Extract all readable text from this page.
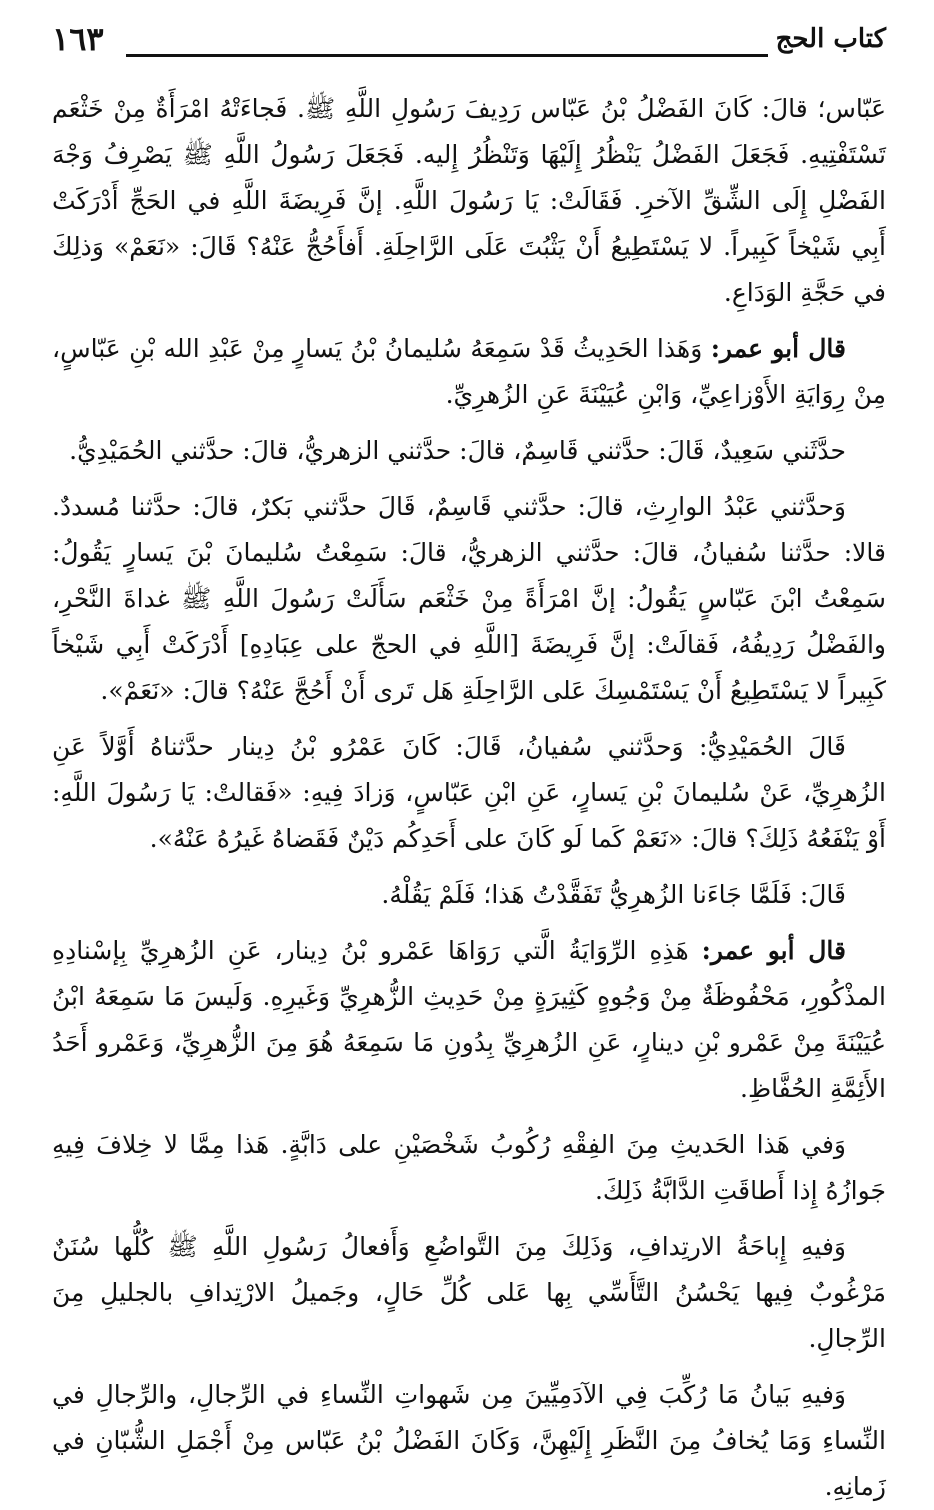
كتاب الحج
١٦٣

عَبّاس؛ قالَ: كَانَ الفَضْلُ بْنُ عَبّاس رَدِيفَ رَسُولِ اللَّهِ ﷺ. فَجاءَتْهُ امْرَأَةٌ مِنْ خَثْعَم تَسْتَفْتِيهِ. فَجَعَلَ الفَضْلُ يَنْظُرُ إِلَيْهَا وَتَنْظُرُ إِليه. فَجَعَلَ رَسُولُ اللَّهِ ﷺ يَصْرِفُ وَجْهَ الفَضْلِ إِلَى الشِّقِّ الآخرِ. فَقَالَتْ: يَا رَسُولَ اللَّهِ. إنَّ فَرِيضَةَ اللَّهِ في الحَجِّ أَدْرَكَتْ أَبِي شَيْخاً كَبِيراً. لا يَسْتَطِيعُ أَنْ يَثْبُتَ عَلَى الرَّاحِلَةِ. أَفأَحُجُّ عَنْهُ؟ قَالَ: «نَعَمْ» وَذلِكَ في حَجَّةِ الوَدَاعِ.

قال أبو عمر: وَهَذا الحَدِيثُ قَدْ سَمِعَهُ سُليمانُ بْنُ يَسارٍ مِنْ عَبْدِ الله بْنِ عَبّاسٍ، مِنْ رِوَايَةِ الأَوْزاعِيِّ، وَابْنِ عُيَيْنَةَ عَنِ الزُهرِيِّ.

حدَّثَني سَعِيدٌ، قَالَ: حدَّثني قَاسِمٌ، قالَ: حدَّثني الزهريُّ، قالَ: حدَّثني الحُمَيْدِيُّ.

وَحدَّثني عَبْدُ الوارِثِ، قالَ: حدَّثني قَاسِمٌ، قَالَ حدَّثني بَكرٌ، قالَ: حدَّثنا مُسددٌ. قالا: حدَّثنا سُفيانُ، قالَ: حدَّثني الزهريُّ، قالَ: سَمِعْتُ سُليمانَ بْنَ يَسارٍ يَقُولُ: سَمِعْتُ ابْنَ عَبّاسٍ يَقُولُ: إنَّ امْرَأَةً مِنْ خَثْعَم سَأَلَتْ رَسُولَ اللَّهِ ﷺ غداةَ النَّحْرِ، والفَضْلُ رَدِيفُهُ، فَقالَتْ: إنَّ فَرِيضَةَ [اللَّهِ في الحجّ على عِبَادِهِ] أَدْرَكَتْ أَبِي شَيْخاً كَبِيراً لا يَسْتَطِيعُ أَنْ يَسْتَمْسِكَ عَلى الرَّاحِلَةِ هَل تَرى أَنْ أَحُجَّ عَنْهُ؟ قالَ: «نَعَمْ».

قَالَ الحُمَيْدِيُّ: وَحدَّثني سُفيانُ، قَالَ: كَانَ عَمْرُو بْنُ دِينار حدَّثناهُ أَوَّلاً عَنِ الزُهرِيِّ، عَنْ سُليمانَ بْنِ يَسارٍ، عَنِ ابْنِ عَبّاسٍ، وَزادَ فِيهِ: «فَقالتْ: يَا رَسُولَ اللَّهِ: أَوْ يَنْفَعُهُ ذَلِكَ؟ قالَ: «نَعَمْ كَما لَو كَانَ على أَحَدِكُم دَيْنٌ فَقَضاهُ غَيرُهُ عَنْهُ».

قَالَ: فَلَمَّا جَاءَنا الزُهرِيُّ تَفَقَّدْتُ هَذا؛ فَلَمْ يَقُلْهُ.

قال أبو عمر: هَذِهِ الرِّوَايَةُ الَّتي رَوَاهَا عَمْرو بْنُ دِينار، عَنِ الزُهرِيِّ بِإسْنادِهِ المذْكُورِ، مَحْفُوظَةٌ مِنْ وَجُوهٍ كَثِيرَةٍ مِنْ حَدِيثِ الزُّهرِيِّ وَغَيرِهِ. وَلَيسَ مَا سَمِعَهُ ابْنُ عُيَيْنَةَ مِنْ عَمْرو بْنِ دينارٍ، عَنِ الزُهرِيِّ بِدُونِ مَا سَمِعَهُ هُوَ مِنَ الزُّهرِيِّ، وَعَمْرو أَحَدُ الأَئِمَّةِ الحُفَّاظِ.

وَفي هَذا الحَديثِ مِنَ الفِقْهِ رُكُوبُ شَخْصَيْنِ على دَابَّةٍ. هَذا مِمَّا لا خِلافَ فِيهِ جَوازُهُ إِذا أَطاقَتِ الدَّابَّةُ ذَلِكَ.

وَفيهِ إِباحَةُ الارتِدافِ، وَذَلِكَ مِنَ التَّواضُعِ وَأَفعالُ رَسُولِ اللَّهِ ﷺ كُلُّها سُنَنٌ مَرْغُوبٌ فِيها يَحْسُنُ التَّأَسِّي بِها عَلى كُلِّ حَالٍ، وجَميلُ الارْتِدافِ بالجليلِ مِنَ الرِّجالِ.

وَفيهِ بَيانُ مَا رُكِّبَ فِي الآدَمِيِّينَ مِن شَهواتِ النِّساءِ في الرِّجالِ، والرِّجالِ في النِّساءِ وَمَا يُخافُ مِنَ النَّظَرِ إِلَيْهِنَّ، وَكَانَ الفَضْلُ بْنُ عَبّاس مِنْ أَجْمَلِ الشُّبّانِ في زَمانِهِ.
